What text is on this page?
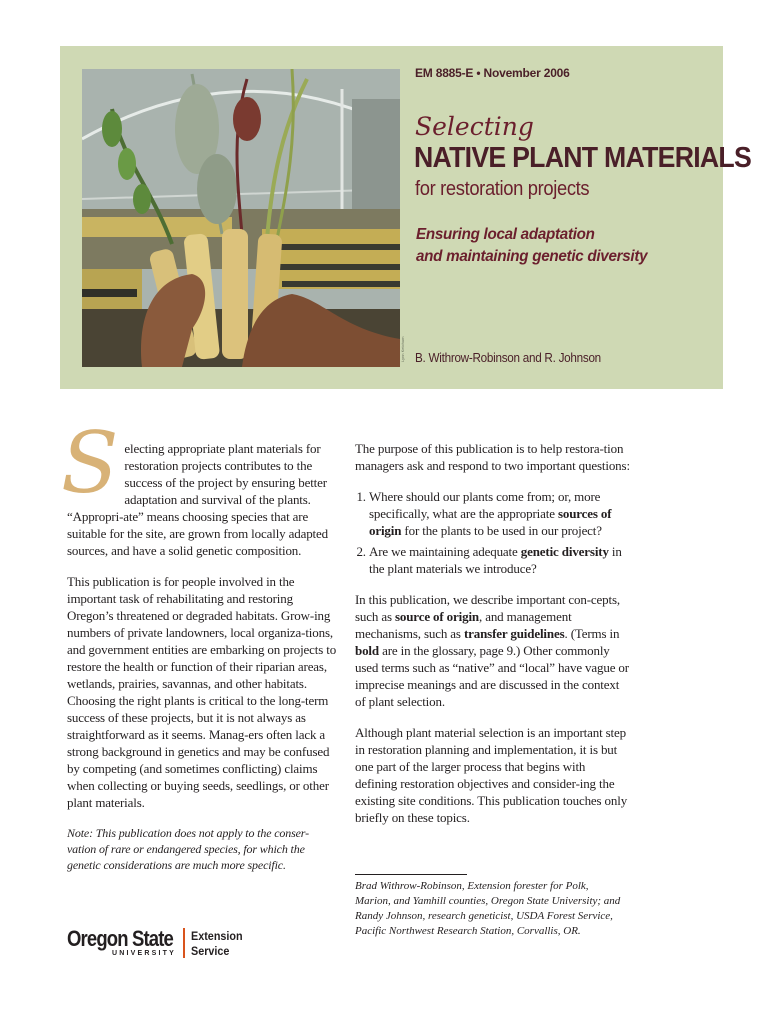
Lynn Ketchum
EM 8885-E • November 2006
Selecting
NATIVE PLANT MATERIALS
for restoration projects
Ensuring local adaptation
and maintaining genetic diversity
B. Withrow-Robinson and R. Johnson

Selecting appropriate plant materials for restoration projects contributes to the success of the project by ensuring better adaptation and survival of the plants. “Appropri-ate” means choosing species that are suitable for the site, are grown from locally adapted sources, and have a solid genetic composition.

This publication is for people involved in the important task of rehabilitating and restoring Oregon’s threatened or degraded habitats. Grow-ing numbers of private landowners, local organiza-tions, and government entities are embarking on projects to restore the health or function of their riparian areas, wetlands, prairies, savannas, and other habitats. Choosing the right plants is critical to the long-term success of these projects, but it is not always as straightforward as it seems. Manag-ers often lack a strong background in genetics and may be confused by competing (and sometimes conflicting) claims when collecting or buying seeds, seedlings, or other plant materials.

Note: This publication does not apply to the conser-vation of rare or endangered species, for which the genetic considerations are much more specific.

The purpose of this publication is to help restora-tion managers ask and respond to two important questions:

1. Where should our plants come from; or, more specifically, what are the appropriate sources of origin for the plants to be used in our project?
2. Are we maintaining adequate genetic diversity in the plant materials we introduce?

In this publication, we describe important con-cepts, such as source of origin, and management mechanisms, such as transfer guidelines. (Terms in bold are in the glossary, page 9.) Other commonly used terms such as “native” and “local” have vague or imprecise meanings and are discussed in the context of plant selection.

Although plant material selection is an important step in restoration planning and implementation, it is but one part of the larger process that begins with defining restoration objectives and consider-ing the existing site conditions. This publication touches only briefly on these topics.

Brad Withrow-Robinson, Extension forester for Polk, Marion, and Yamhill counties, Oregon State University; and Randy Johnson, research geneticist, USDA Forest Service, Pacific Northwest Research Station, Corvallis, OR.
Oregon State
UNIVERSITY
Extension
Service
